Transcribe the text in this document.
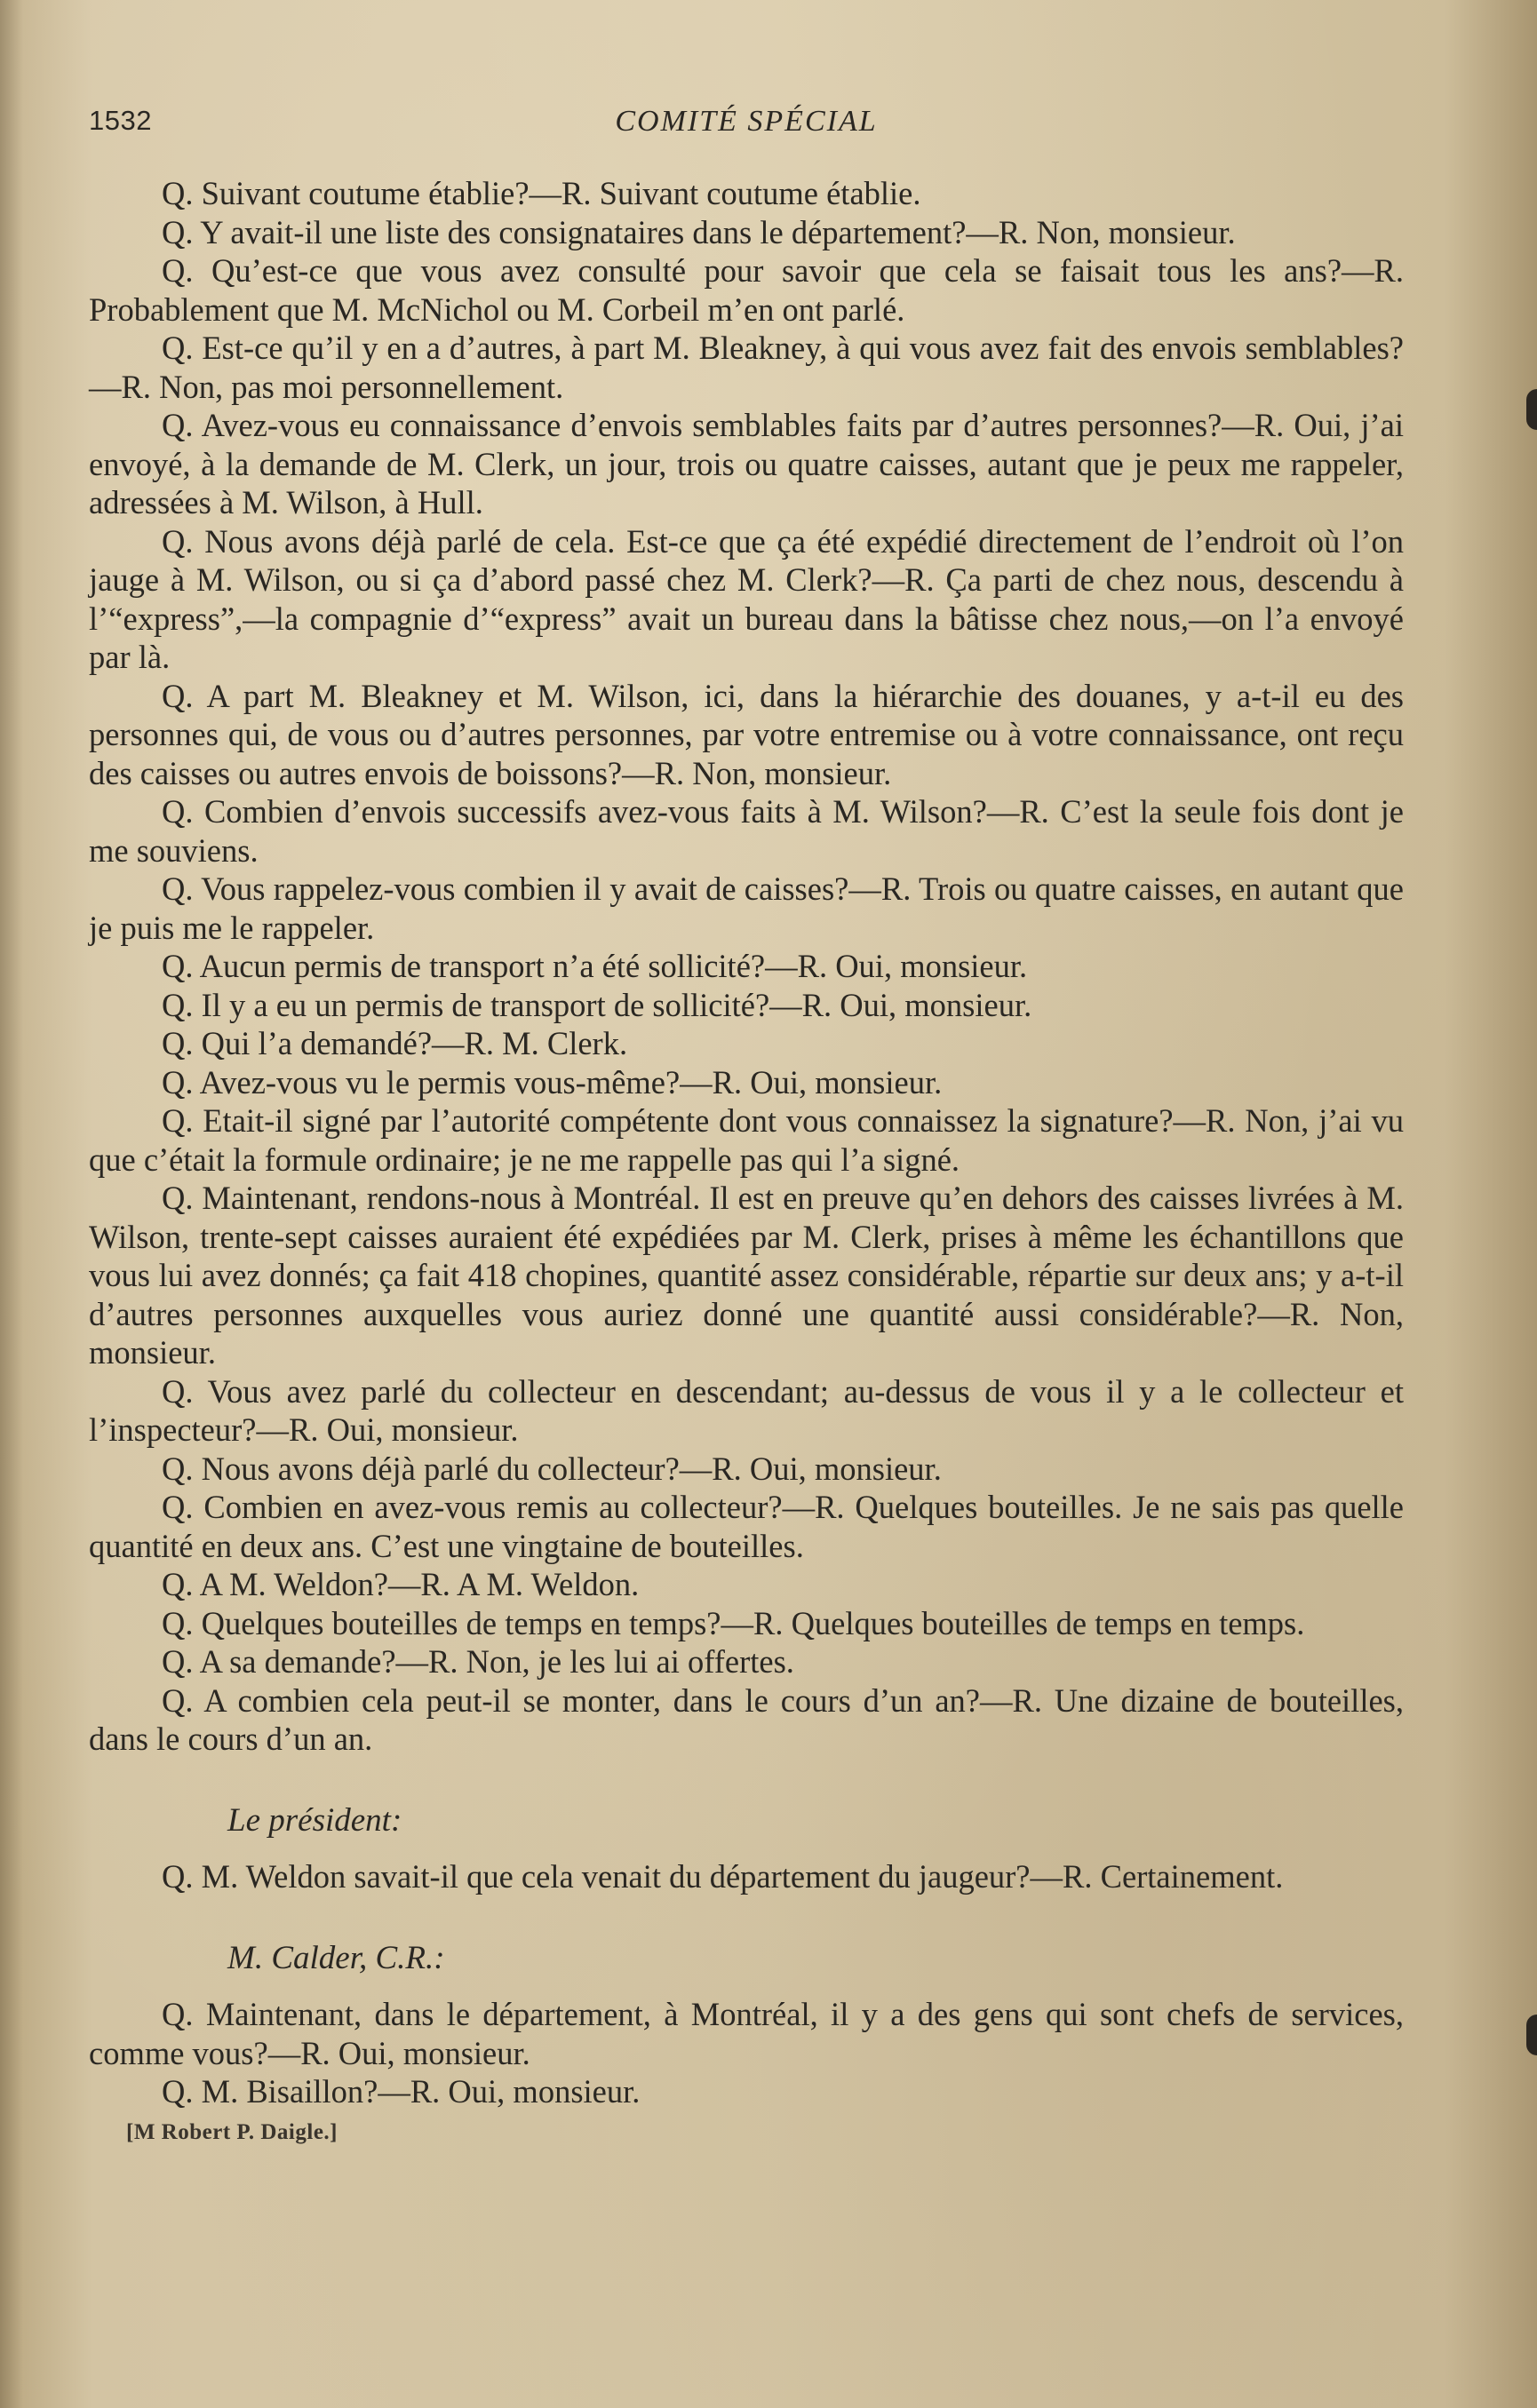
1532	COMITÉ SPÉCIAL

Q. Suivant coutume établie?—R. Suivant coutume établie.

Q. Y avait-il une liste des consignataires dans le département?—R. Non, monsieur.

Q. Qu’est-ce que vous avez consulté pour savoir que cela se faisait tous les ans?—R. Probablement que M. McNichol ou M. Corbeil m’en ont parlé.

Q. Est-ce qu’il y en a d’autres, à part M. Bleakney, à qui vous avez fait des envois semblables?—R. Non, pas moi personnellement.

Q. Avez-vous eu connaissance d’envois semblables faits par d’autres personnes?—R. Oui, j’ai envoyé, à la demande de M. Clerk, un jour, trois ou quatre caisses, autant que je peux me rappeler, adressées à M. Wilson, à Hull.

Q. Nous avons déjà parlé de cela. Est-ce que ça été expédié directement de l’endroit où l’on jauge à M. Wilson, ou si ça d’abord passé chez M. Clerk?—R. Ça parti de chez nous, descendu à l’“express”,—la compagnie d’“express” avait un bureau dans la bâtisse chez nous,—on l’a envoyé par là.

Q. A part M. Bleakney et M. Wilson, ici, dans la hiérarchie des douanes, y a-t-il eu des personnes qui, de vous ou d’autres personnes, par votre entremise ou à votre connaissance, ont reçu des caisses ou autres envois de boissons?—R. Non, monsieur.

Q. Combien d’envois successifs avez-vous faits à M. Wilson?—R. C’est la seule fois dont je me souviens.

Q. Vous rappelez-vous combien il y avait de caisses?—R. Trois ou quatre caisses, en autant que je puis me le rappeler.

Q. Aucun permis de transport n’a été sollicité?—R. Oui, monsieur.

Q. Il y a eu un permis de transport de sollicité?—R. Oui, monsieur.

Q. Qui l’a demandé?—R. M. Clerk.

Q. Avez-vous vu le permis vous-même?—R. Oui, monsieur.

Q. Etait-il signé par l’autorité compétente dont vous connaissez la signature?—R. Non, j’ai vu que c’était la formule ordinaire; je ne me rappelle pas qui l’a signé.

Q. Maintenant, rendons-nous à Montréal. Il est en preuve qu’en dehors des caisses livrées à M. Wilson, trente-sept caisses auraient été expédiées par M. Clerk, prises à même les échantillons que vous lui avez donnés; ça fait 418 chopines, quantité assez considérable, répartie sur deux ans; y a-t-il d’autres personnes auxquelles vous auriez donné une quantité aussi considérable?—R. Non, monsieur.

Q. Vous avez parlé du collecteur en descendant; au-dessus de vous il y a le collecteur et l’inspecteur?—R. Oui, monsieur.

Q. Nous avons déjà parlé du collecteur?—R. Oui, monsieur.

Q. Combien en avez-vous remis au collecteur?—R. Quelques bouteilles. Je ne sais pas quelle quantité en deux ans. C’est une vingtaine de bouteilles.

Q. A M. Weldon?—R. A M. Weldon.

Q. Quelques bouteilles de temps en temps?—R. Quelques bouteilles de temps en temps.

Q. A sa demande?—R. Non, je les lui ai offertes.

Q. A combien cela peut-il se monter, dans le cours d’un an?—R. Une dizaine de bouteilles, dans le cours d’un an.

Le président:

Q. M. Weldon savait-il que cela venait du département du jaugeur?—R. Certainement.

M. Calder, C.R.:

Q. Maintenant, dans le département, à Montréal, il y a des gens qui sont chefs de services, comme vous?—R. Oui, monsieur.

Q. M. Bisaillon?—R. Oui, monsieur.

[M Robert P. Daigle.]
